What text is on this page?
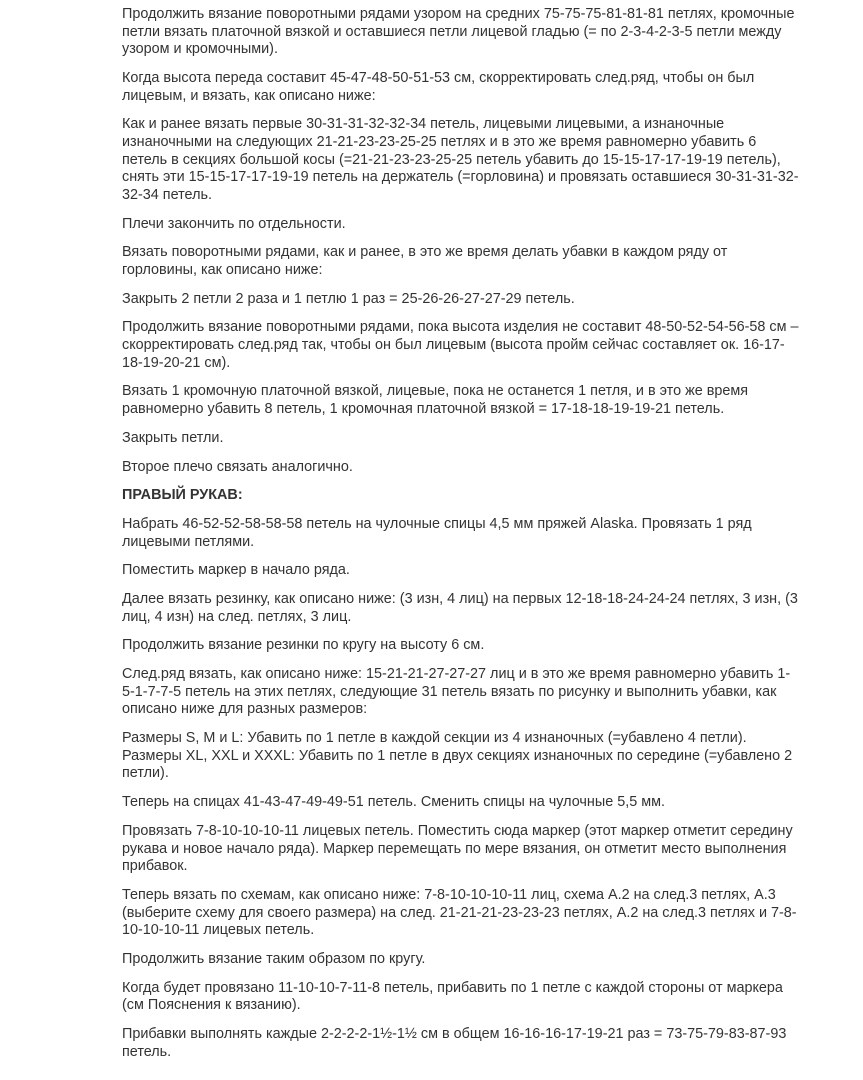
Продолжить вязание поворотными рядами узором на средних 75-75-75-81-81-81 петлях, кромочные петли вязать платочной вязкой и оставшиеся петли лицевой гладью (= по 2-3-4-2-3-5 петли между узором и кромочными).

Когда высота переда составит 45-47-48-50-51-53 см, скорректировать след.ряд, чтобы он был лицевым, и вязать, как описано ниже:

Как и ранее вязать первые 30-31-31-32-32-34 петель, лицевыми лицевыми, а изнаночные изнаночными на следующих 21-21-23-23-25-25 петлях и в это же время равномерно убавить 6 петель в секциях большой косы (=21-21-23-23-25-25 петель убавить до 15-15-17-17-19-19 петель), снять эти 15-15-17-17-19-19 петель на держатель (=горловина) и провязать оставшиеся 30-31-31-32-32-34 петель.

Плечи закончить по отдельности.

Вязать поворотными рядами, как и ранее, в это же время делать убавки в каждом ряду от горловины, как описано ниже:

Закрыть 2 петли 2 раза и 1 петлю 1 раз = 25-26-26-27-27-29 петель.

Продолжить вязание поворотными рядами, пока высота изделия не составит 48-50-52-54-56-58 см – скорректировать след.ряд так, чтобы он был лицевым (высота пройм сейчас составляет ок. 16-17-18-19-20-21 см).

Вязать 1 кромочную платочной вязкой, лицевые, пока не останется 1 петля, и в это же время равномерно убавить 8 петель, 1 кромочная платочной вязкой = 17-18-18-19-19-21 петель.

Закрыть петли.

Второе плечо связать аналогично.

ПРАВЫЙ РУКАВ:

Набрать 46-52-52-58-58-58 петель на чулочные спицы 4,5 мм пряжей Alaska. Провязать 1 ряд лицевыми петлями.

Поместить маркер в начало ряда.

Далее вязать резинку, как описано ниже: (3 изн, 4 лиц) на первых 12-18-18-24-24-24 петлях, 3 изн, (3 лиц, 4 изн) на след. петлях, 3 лиц.

Продолжить вязание резинки по кругу на высоту 6 см.

След.ряд вязать, как описано ниже: 15-21-21-27-27-27 лиц и в это же время равномерно убавить 1-5-1-7-7-5 петель на этих петлях, следующие 31 петель вязать по рисунку и выполнить убавки, как описано ниже для разных размеров:

Размеры S, M и L: Убавить по 1 петле в каждой секции из 4 изнаночных (=убавлено 4 петли).

Размеры XL, XXL и XXXL: Убавить по 1 петле в двух секциях изнаночных по середине (=убавлено 2 петли).

Теперь на спицах 41-43-47-49-49-51 петель. Сменить спицы на чулочные 5,5 мм.

Провязать 7-8-10-10-10-11 лицевых петель. Поместить сюда маркер (этот маркер отметит середину рукава и новое начало ряда). Маркер перемещать по мере вязания, он отметит место выполнения прибавок.

Теперь вязать по схемам, как описано ниже: 7-8-10-10-10-11 лиц, схема А.2 на след.3 петлях, А.3 (выберите схему для своего размера) на след. 21-21-21-23-23-23 петлях, А.2 на след.3 петлях и 7-8-10-10-10-11 лицевых петель.

Продолжить вязание таким образом по кругу.

Когда будет провязано 11-10-10-7-11-8 петель, прибавить по 1 петле с каждой стороны от маркера (см Пояснения к вязанию).

Прибавки выполнять каждые 2-2-2-2-1½-1½ см в общем 16-16-16-17-19-21 раз = 73-75-79-83-87-93 петель.
